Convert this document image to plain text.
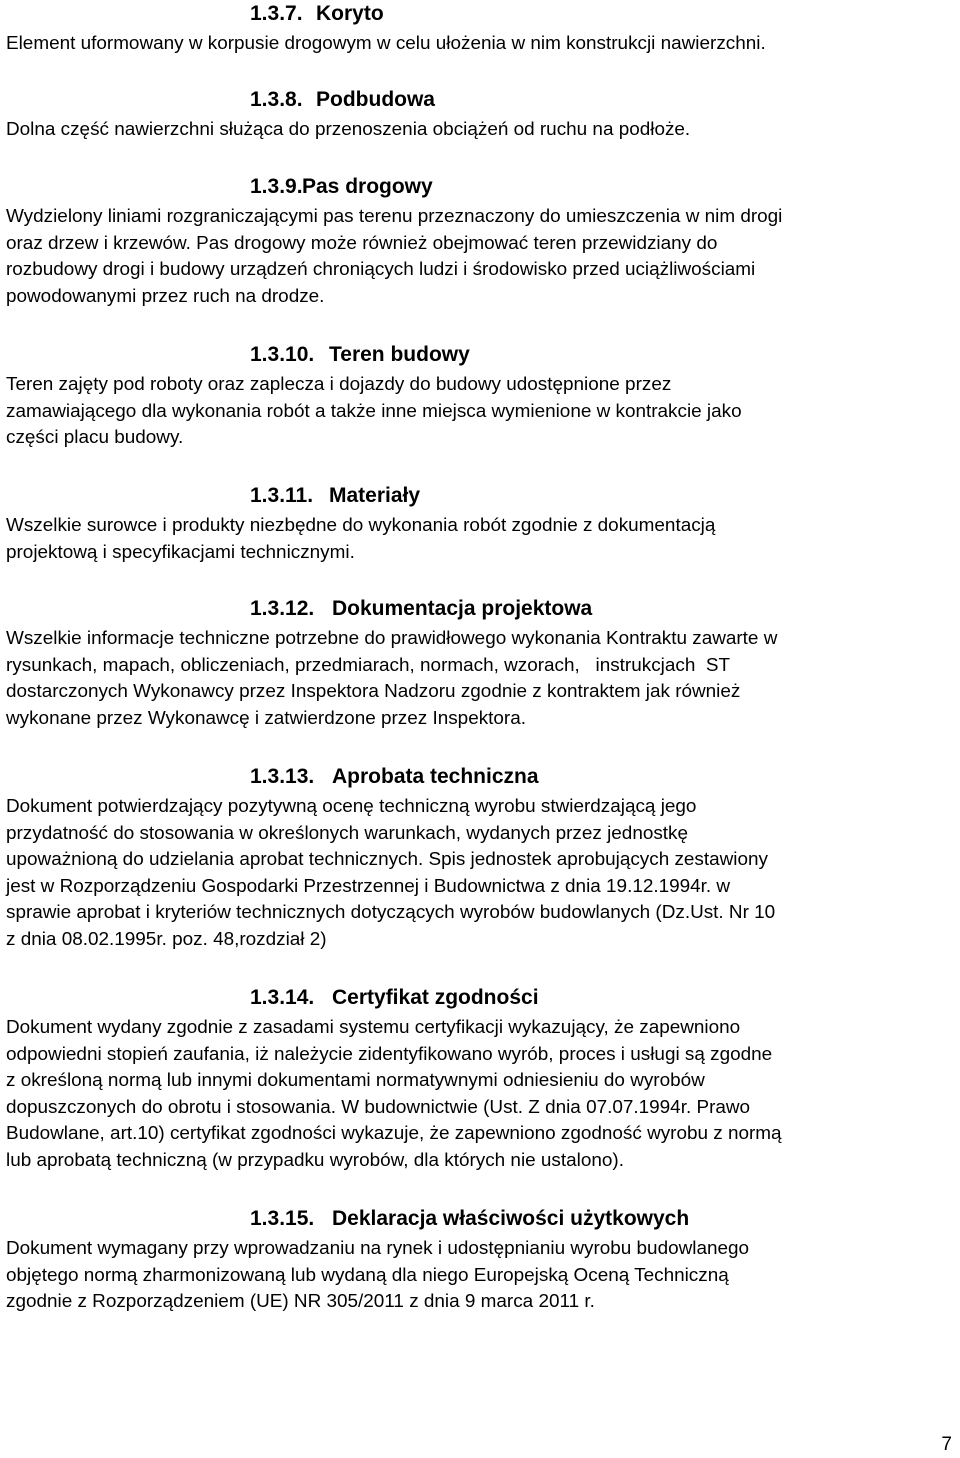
1.3.7. Koryto
Element uformowany w korpusie drogowym w celu ułożenia w nim konstrukcji nawierzchni.
1.3.8. Podbudowa
Dolna część nawierzchni służąca do przenoszenia obciążeń od ruchu na podłoże.
1.3.9. Pas drogowy
Wydzielony liniami rozgraniczającymi pas terenu przeznaczony do umieszczenia w nim drogi
oraz drzew i krzewów. Pas drogowy może również obejmować teren przewidziany do
rozbudowy drogi i budowy urządzeń chroniących ludzi i środowisko przed uciążliwościami
powodowanymi przez ruch na drodze.
1.3.10. Teren budowy
Teren zajęty pod roboty oraz zaplecza i dojazdy do budowy udostępnione przez
zamawiającego dla wykonania robót a także inne miejsca wymienione w kontrakcie jako
części placu budowy.
1.3.11. Materiały
Wszelkie surowce i produkty niezbędne do wykonania robót zgodnie z dokumentacją
projektową i specyfikacjami technicznymi.
1.3.12. Dokumentacja projektowa
Wszelkie informacje techniczne potrzebne do prawidłowego wykonania Kontraktu zawarte w
rysunkach, mapach, obliczeniach, przedmiarach, normach, wzorach,   instrukcjach  ST
dostarczonych Wykonawcy przez Inspektora Nadzoru zgodnie z kontraktem jak również
wykonane przez Wykonawcę i zatwierdzone przez Inspektora.
1.3.13. Aprobata techniczna
Dokument potwierdzający pozytywną ocenę techniczną wyrobu stwierdzającą jego
przydatność do stosowania w określonych warunkach, wydanych przez jednostkę
upoważnioną do udzielania aprobat technicznych. Spis jednostek aprobujących zestawiony
jest w Rozporządzeniu Gospodarki Przestrzennej i Budownictwa z dnia 19.12.1994r. w
sprawie aprobat i kryteriów technicznych dotyczących wyrobów budowlanych (Dz.Ust. Nr 10
z dnia 08.02.1995r. poz. 48,rozdział 2)
1.3.14. Certyfikat zgodności
Dokument wydany zgodnie z zasadami systemu certyfikacji wykazujący, że zapewniono
odpowiedni stopień zaufania, iż należycie zidentyfikowano wyrób, proces i usługi są zgodne
z określoną normą lub innymi dokumentami normatywnymi odniesieniu do wyrobów
dopuszczonych do obrotu i stosowania. W budownictwie (Ust. Z dnia 07.07.1994r. Prawo
Budowlane, art.10) certyfikat zgodności wykazuje, że zapewniono zgodność wyrobu z normą
lub aprobatą techniczną (w przypadku wyrobów, dla których nie ustalono).
1.3.15. Deklaracja właściwości użytkowych
Dokument wymagany przy wprowadzaniu na rynek i udostępnianiu wyrobu budowlanego
objętego normą zharmonizowaną lub wydaną dla niego Europejską Oceną Techniczną
zgodnie z Rozporządzeniem (UE) NR 305/2011 z dnia 9 marca 2011 r.
7
